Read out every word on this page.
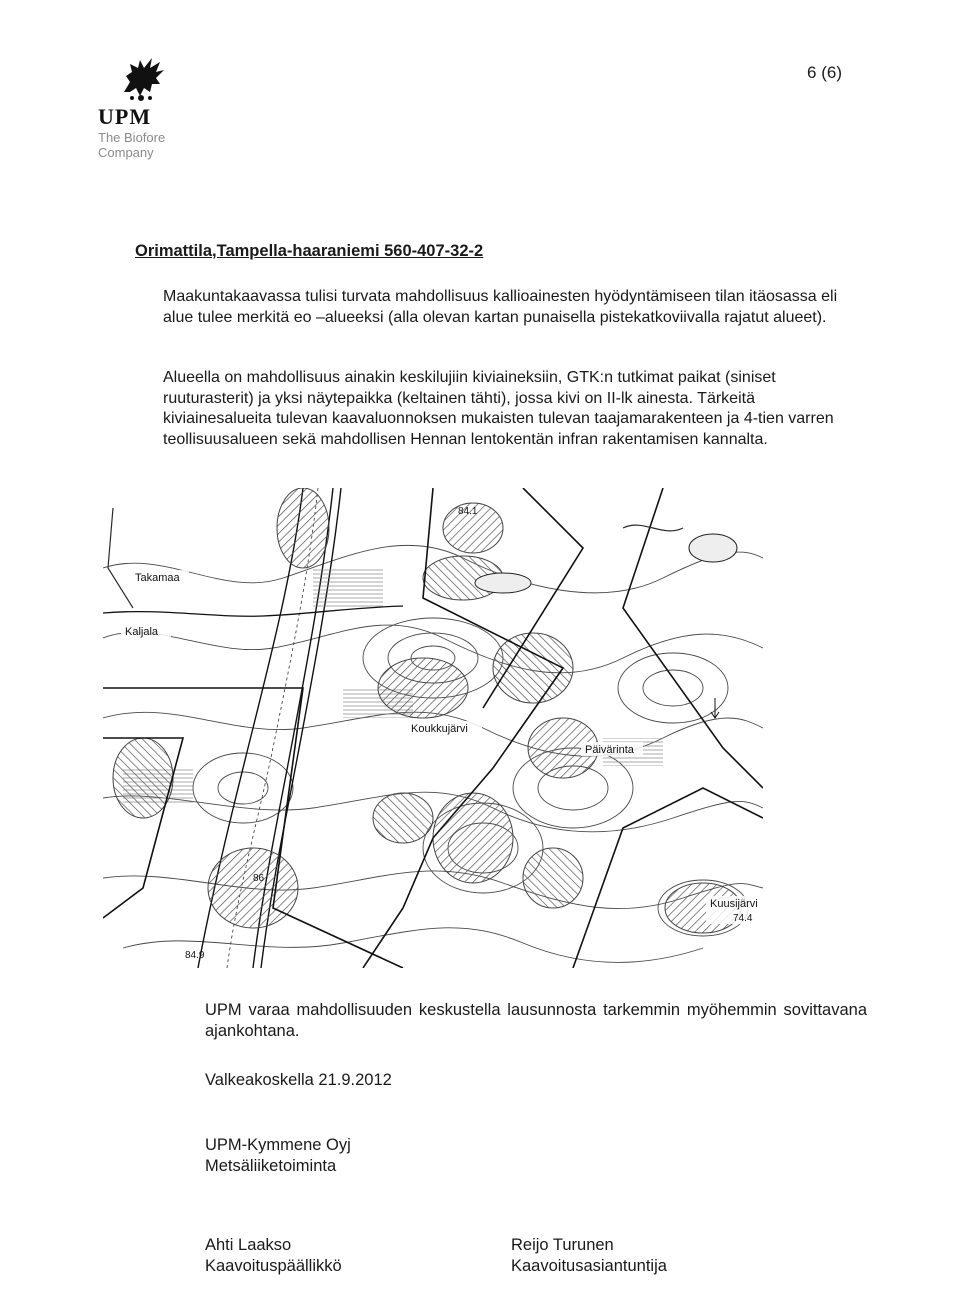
UPM
The Biofore
Company
6 (6)
Orimattila,Tampella-haaraniemi 560-407-32-2

Maakuntakaavassa tulisi turvata mahdollisuus kallioainesten hyödyntämiseen tilan itäosassa eli alue tulee merkitä eo –alueeksi (alla olevan kartan punaisella pistekatkoviivalla rajatut alueet).

Alueella on mahdollisuus ainakin keskilujiin kiviaineksiin, GTK:n tutkimat paikat (siniset ruuturasterit) ja yksi näytepaikka (keltainen tähti), jossa kivi on II-lk ainesta. Tärkeitä kiviainesalueita tulevan kaavaluonnoksen mukaisten tulevan taajamarakenteen ja 4-tien varren teollisuusalueen sekä mahdollisen Hennan lentokentän infran rakentamisen kannalta.

Takamaa
Kaljala
Koukkujärvi
Päivärinta
Kuusijärvi
74.4
84.1
84.9
86

UPM varaa mahdollisuuden keskustella lausunnosta tarkemmin myöhemmin sovittavana ajankohtana.

Valkeakoskella 21.9.2012
UPM-Kymmene Oyj
Metsäliiketoiminta
Ahti Laakso
Kaavoituspäällikkö
Reijo Turunen
Kaavoitusasiantuntija
